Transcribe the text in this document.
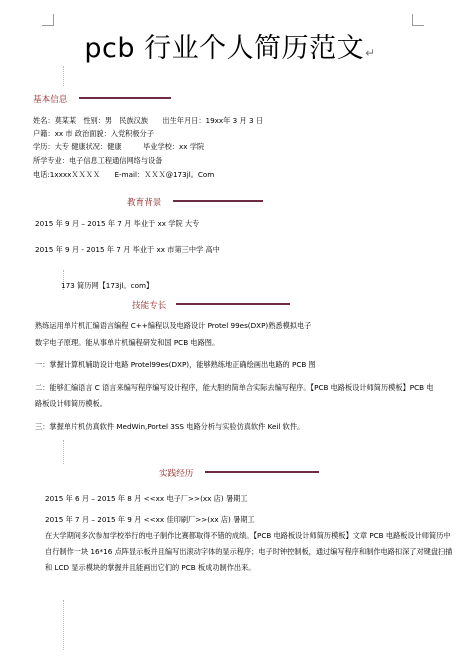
pcb 行业个人简历范文↵
基本信息
姓名：莫某某　性别：男　民族汉族　　出生年月日：19xx年 3 月 3 日
户籍：xx 市 政治面貌：入党积极分子
学历：大专 健康状况：健康　　　毕业学校：xx 学院
所学专业：电子信息工程通信网络与设备
电话:1xxxxＸＸＸＸ　　E-mail：ＸＸＸ@173jl。Com
教育背景
2015 年 9 月 – 2015 年 7 月 毕业于 xx 学院 大专
2015 年 9 月 - 2015 年 7 月 毕业于 xx 市第三中学 高中
173 简历网【173jl。com】
技能专长
熟练运用单片机汇编语言编程 C++编程以及电路设计 Protel 99es(DXP)熟悉模拟电子
数字电子原理。能从事单片机编程研发和国 PCB 电路图。
一：掌握计算机辅助设计电路 Protel99es(DXP)，能够熟练地正确绘画出电路的 PCB 图
二：能够汇编语言 C 语言来编写程序编写设计程序，能大胆的简单合实际去编写程序。【PCB 电路板设计师简历模板】PCB 电路板设计师简历模板。
三：掌握单片机仿真软件 MedWin,Portel 3SS 电路分析与实验仿真软件 Keil 软件。
实践经历
2015 年 6 月 – 2015 年 8 月 <<xx 电子厂>>(xx 店) 暑期工
2015 年 7 月 – 2015 年 9 月 <<xx 佳印刷厂>>(xx 店) 暑期工
在大学期间多次参加学校举行的电子制作比赛都取得不错的成绩。【PCB 电路板设计师简历模板】文章 PCB 电路板设计师简历中自行制作一块 16*16 点阵显示板并且编写出滚动字体的显示程序；电子时钟控制板，通过编写程序和制作电路扣深了对键盘扫描和 LCD 显示模块的掌握并且能画出它们的 PCB 板成功制作出来。
